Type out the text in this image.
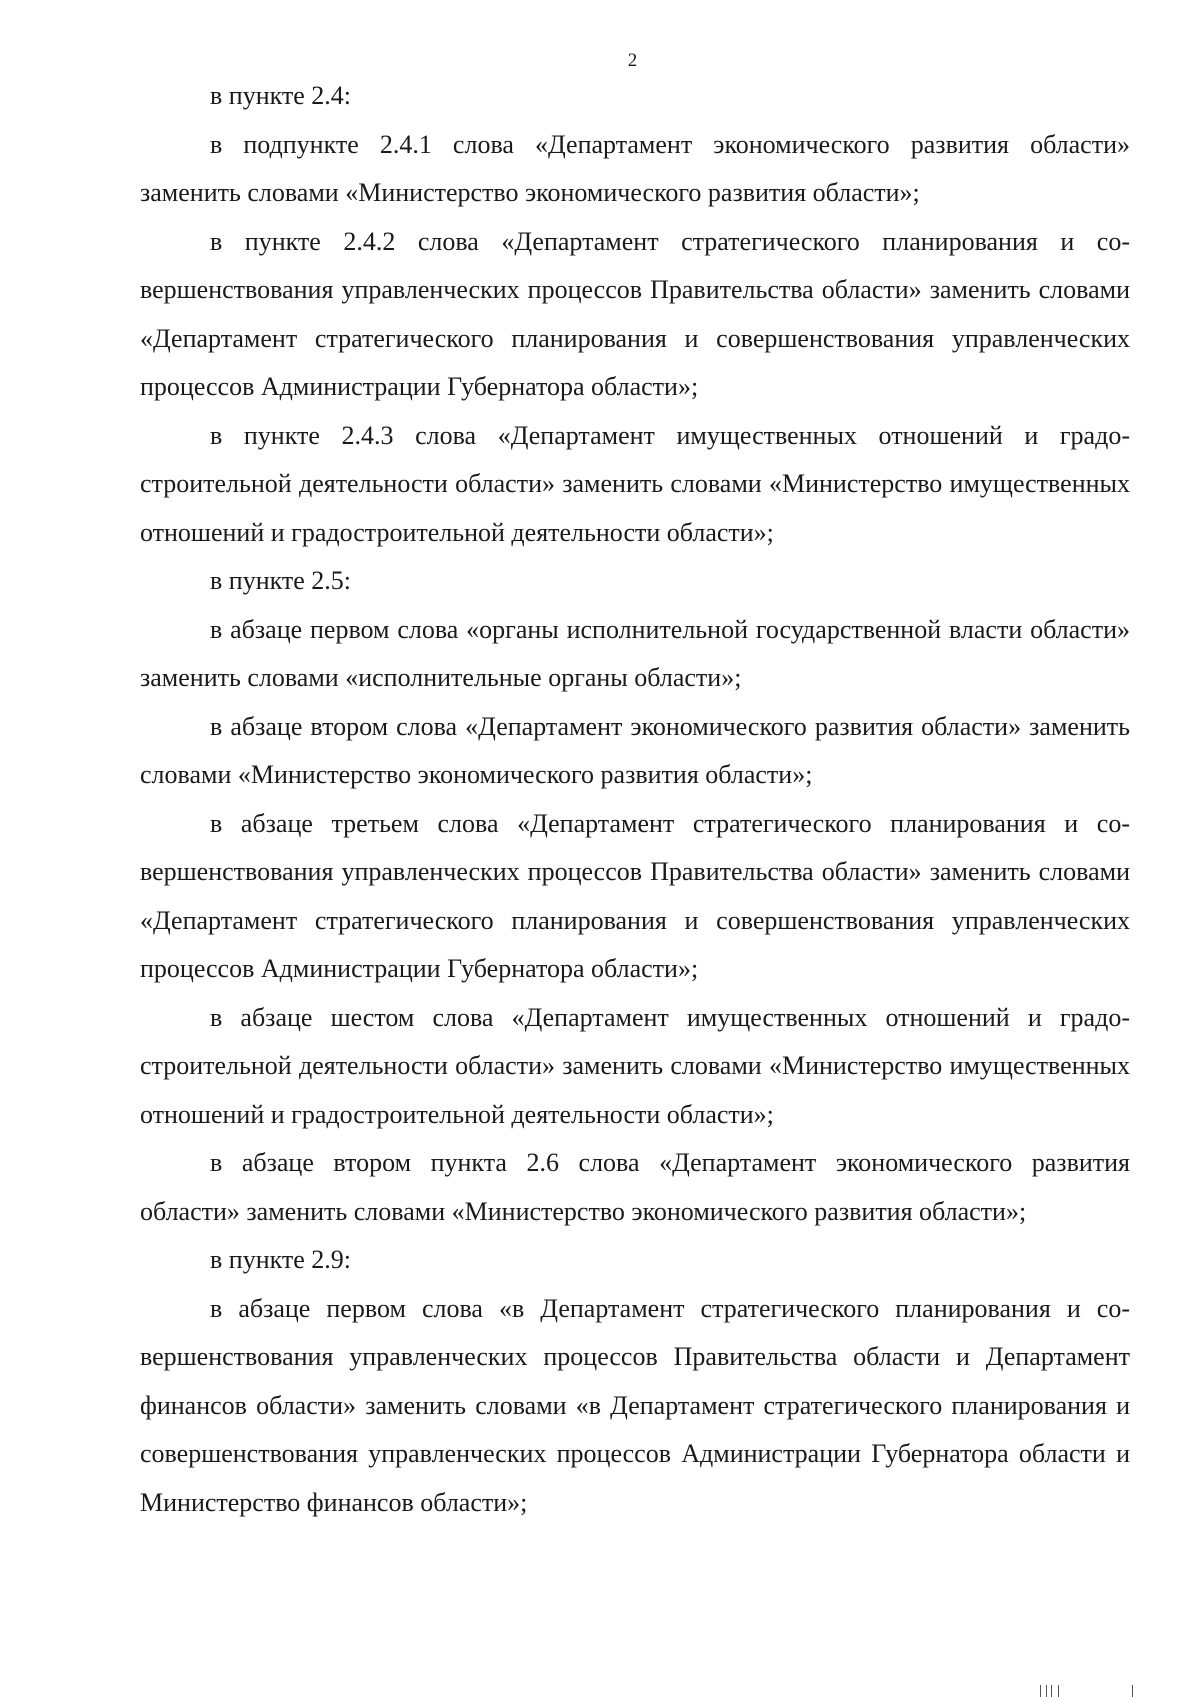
2

в пункте 2.4:

в подпункте 2.4.1 слова «Департамент экономического развития области» заменить словами «Министерство экономического развития области»;

в пункте 2.4.2 слова «Департамент стратегического планирования и совершенствования управленческих процессов Правительства области» заменить словами «Департамент стратегического планирования и совершенствования управленческих процессов Администрации Губернатора области»;

в пункте 2.4.3 слова «Департамент имущественных отношений и градостроительной деятельности области» заменить словами «Министерство имущественных отношений и градостроительной деятельности области»;

в пункте 2.5:

в абзаце первом слова «органы исполнительной государственной власти области» заменить словами «исполнительные органы области»;

в абзаце втором слова «Департамент экономического развития области» заменить словами «Министерство экономического развития области»;

в абзаце третьем слова «Департамент стратегического планирования и совершенствования управленческих процессов Правительства области» заменить словами «Департамент стратегического планирования и совершенствования управленческих процессов Администрации Губернатора области»;

в абзаце шестом слова «Департамент имущественных отношений и градостроительной деятельности области» заменить словами «Министерство имущественных отношений и градостроительной деятельности области»;

в абзаце втором пункта 2.6 слова «Департамент экономического развития области» заменить словами «Министерство экономического развития области»;

в пункте 2.9:

в абзаце первом слова «в Департамент стратегического планирования и совершенствования управленческих процессов Правительства области и Департамент финансов области» заменить словами «в Департамент стратегического планирования и совершенствования управленческих процессов Администрации Губернатора области и Министерство финансов области»;
